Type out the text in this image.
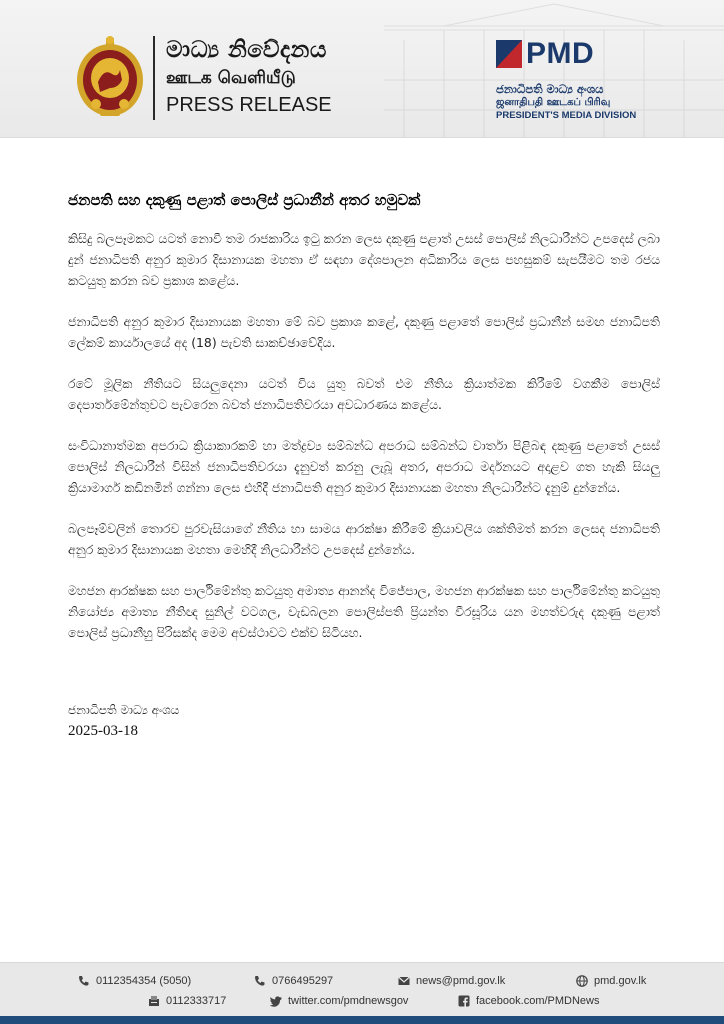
මාධ්‍ය නිවේදනය
ஊடக வெளியீடு
PRESS RELEASE
PMD
ජනාධිපති මාධ්‍ය අංශය
ஜனாதிபதி ஊடகப் பிரிவு
PRESIDENT'S MEDIA DIVISION
ජනපති සහ දකුණු පළාත් පොලිස් ප්‍රධානීන් අතර හමුවක්

කිසිදු බලපෑමකට යටත් නොවී තම රාජකාරිය ඉටු කරන ලෙස දකුණු පළාත් උසස් පොලිස් නිලධාරීන්ට උපදෙස් ලබා දුන් ජනාධිපති අනුර කුමාර දිසානායක මහතා ඒ සඳහා දේශපාලන අධිකාරිය ලෙස පහසුකම් සැපයීමට තම රජය කටයුතු කරන බව ප්‍රකාශ කළේය.

ජනාධිපති අනුර කුමාර දිසානායක මහතා මේ බව ප්‍රකාශ කළේ, දකුණු පළාතේ පොලිස් ප්‍රධානීන් සමඟ ජනාධිපති ලේකම් කාර්යාලයේ අද (18) පැවති සාකච්ඡාවේදිය.

රටේ මූලික නීතියට සියලුදෙනා යටත් විය යුතු බවත් එම නීතිය ක්‍රියාත්මක කිරීමේ වගකීම පොලිස් දෙපාර්තමේන්තුවට පැවරෙන බවත් ජනාධිපතිවරයා අවධාරණය කළේය.

සංවිධානාත්මක අපරාධ ක්‍රියාකාරකම් හා මත්ද්‍රව්‍ය සම්බන්ධ අපරාධ සම්බන්ධ වාර්තා පිළිබඳ දකුණු පළාතේ උසස් පොලිස් නිලධාරීන් විසින් ජනාධිපතිවරයා දැනුවත් කරනු ලැබූ අතර, අපරාධ මර්දනයට අදාළව ගත හැකි සියලු ක්‍රියාමාර්ග කඩිනමින් ගන්නා ලෙස එහිදී ජනාධිපති අනුර කුමාර දිසානායක මහතා නිලධාරීන්ට දැනුම් දුන්නේය.

බලපෑම්වලින් තොරව පුරවැසියාගේ නීතිය හා සාමය ආරක්ෂා කිරීමේ ක්‍රියාවලිය ශක්තිමත් කරන ලෙසද ජනාධිපති අනුර කුමාර දිසානායක මහතා මෙහිදී නිලධාරීන්ට උපදෙස් දුන්නේය.

මහජන ආරක්ෂක සහ පාර්ලිමේන්තු කටයුතු අමාත්‍ය ආනන්ද විජේපාල, මහජන ආරක්ෂක සහ පාර්ලිමේන්තු කටයුතු නියෝජ්‍ය අමාත්‍ය නීතිඥ සුනිල් වටගල, වැඩබලන පොලිස්පති ප්‍රියන්ත වීරසූරිය යන මහත්වරුද දකුණු පළාත් පොලිස් ප්‍රධානීහු පිරිසක්ද මෙම අවස්ථාවට එක්ව සිටියහ.

ජනාධිපති මාධ්‍ය අංශය
2025-03-18
0112354354 (5050)	0766495297	news@pmd.gov.lk	pmd.gov.lk
0112333717	twitter.com/pmdnewsgov	facebook.com/PMDNews
